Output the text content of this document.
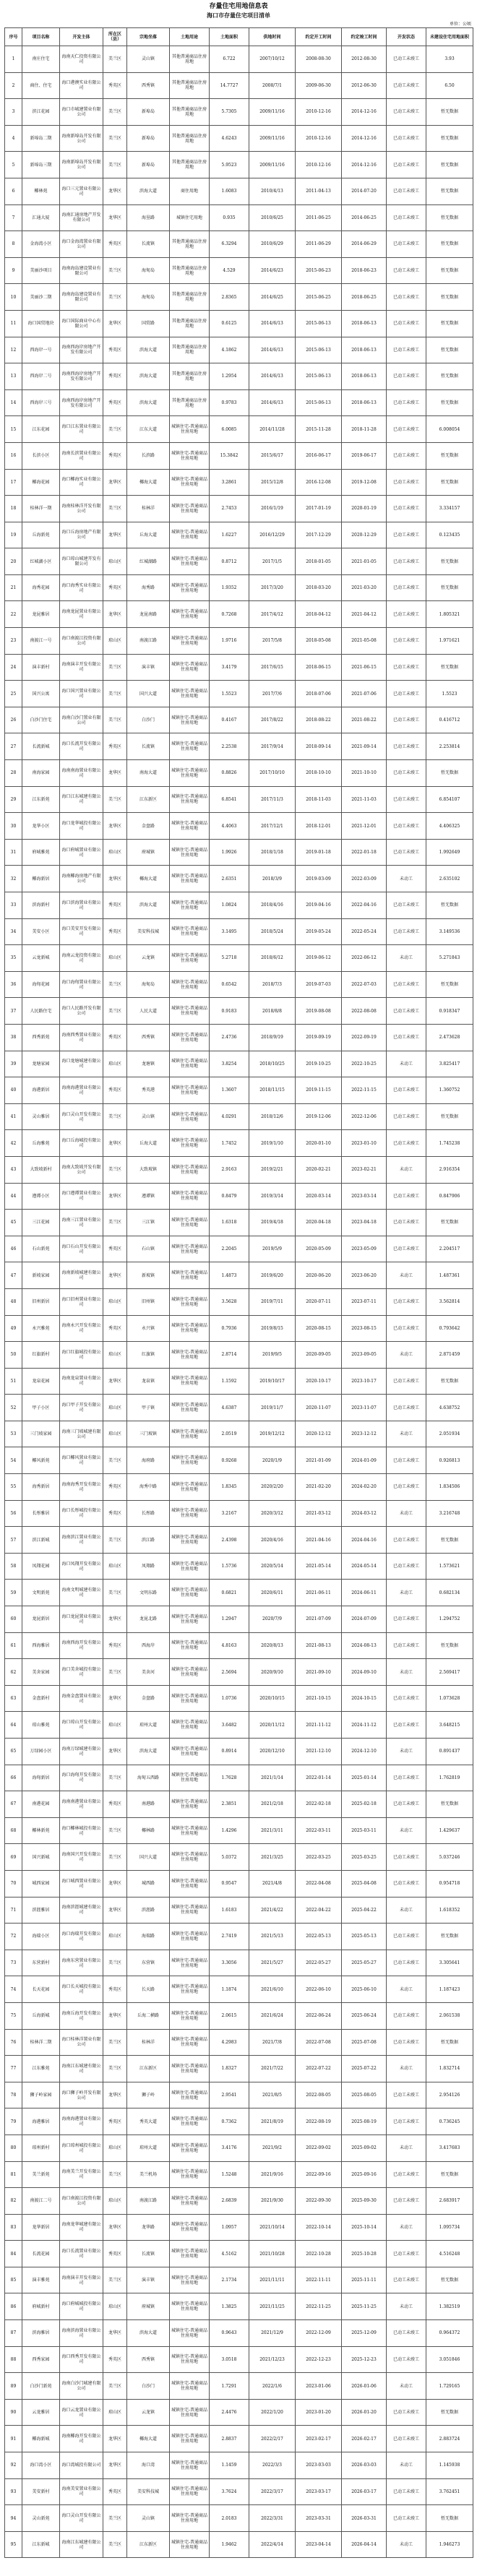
存量住宅用地信息表
海口市存量住宅项目清单
单位：公顷
序号	项目名称	开发主体	所在区（县）	宗地坐落	土地用途	土地面积	供地时间	约定开工时间	约定竣工时间	开发状态	未建设住宅用地面积
1	南庄住宅	海南天仁投资有限公司	美兰区	灵山镇	其他普通商品住房用地	6.722	2007/10/12	2008-08-30	2012-08-30	已动工未竣工	3.93
2	商住、住宅	海口港澳实业有限公司	秀英区	西秀镇	其他普通商品住房用地	14.7727	2008/7/1	2009-06-30	2012-06-30	已动工未竣工	6.50
3	滨江花园	海口市城建置业有限公司	美兰区	新埠岛	其他普通商品住房用地	5.7305	2009/11/16	2010-12-16	2014-12-16	已动工未竣工	暂无数据
4	新埠岛二期	海南新埠岛开发有限公司	美兰区	新埠岛	其他普通商品住房用地	4.6243	2009/11/16	2010-12-16	2014-12-16	已动工未竣工	暂无数据
5	新埠岛三期	海南新埠岛开发有限公司	美兰区	新埠岛	其他普通商品住房用地	5.9523	2009/11/16	2010-12-16	2014-12-16	已动工未竣工	暂无数据
6	椰林苑	海口三元置业有限公司	龙华区	滨海大道	商住用地	1.6083	2010/4/13	2011-04-13	2014-07-20	已动工未竣工	暂无数据
7	汇通大厦	海南汇通房地产开发有限公司	龙华区	海垦路	城镇住宅用地	0.935	2010/6/25	2011-06-25	2014-06-25	已动工未竣工	暂无数据
8	金海湾小区	海口金海湾置业有限公司	秀英区	长流镇	其他普通商品住房用地	6.3294	2010/6/29	2011-06-29	2014-06-29	已动工未竣工	暂无数据
9	美丽沙项目	海南海岛建设置业有限公司	美兰区	海甸岛	其他普通商品住房用地	4.529	2014/6/23	2015-06-23	2018-06-23	已动工未竣工	暂无数据
10	美丽沙二期	海南海岛建设置业有限公司	美兰区	海甸岛	其他普通商品住房用地	2.8365	2014/6/25	2015-06-25	2018-06-25	已动工未竣工	暂无数据
11	海口国贸地块	海口国际商业中心有限公司	龙华区	国贸路	其他普通商品住房用地	0.6125	2014/6/13	2015-06-13	2018-06-13	已动工未竣工	暂无数据
12	西海岸一号	海南西海岸房地产开发有限公司	秀英区	滨海大道	其他普通商品住房用地	4.1862	2014/6/13	2015-06-13	2018-06-13	已动工未竣工	暂无数据
13	西海岸二号	海南西海岸房地产开发有限公司	秀英区	滨海大道	其他普通商品住房用地	1.2954	2014/6/13	2015-06-13	2018-06-13	已动工未竣工	暂无数据
14	西海岸三号	海南西海岸房地产开发有限公司	秀英区	滨海大道	其他普通商品住房用地	0.9783	2014/6/13	2015-06-13	2018-06-13	已动工未竣工	暂无数据
15	江东花园	海口江东置业有限公司	美兰区	江东大道	城镇住宅-普通商品住房用地	6.0085	2014/11/28	2015-11-28	2018-11-28	已动工未竣工	6.008054
16	长滨小区	海南长滨置业有限公司	秀英区	长滨路	城镇住宅-普通商品住房用地	15.3842	2015/6/17	2016-06-17	2019-06-17	已动工未竣工	暂无数据
17	椰海花园	海口椰海实业有限公司	龙华区	椰海大道	城镇住宅-普通商品住房用地	3.2861	2015/12/8	2016-12-08	2019-12-08	已动工未竣工	暂无数据
18	桂林洋一期	海南桂林洋开发有限公司	美兰区	桂林洋	城镇住宅-普通商品住房用地	2.7453	2016/1/19	2017-01-19	2020-01-19	已动工未竣工	3.334157
19	丘海新苑	海口丘海房地产有限公司	龙华区	丘海大道	城镇住宅-普通商品住房用地	1.6227	2016/12/29	2017-12-29	2020-12-29	已动工未竣工	0.123435
20	红城湖小区	海口琼山城建开发有限公司	琼山区	红城湖路	城镇住宅-普通商品住房用地	0.8712	2017/1/5	2018-01-05	2021-01-05	已动工未竣工	暂无数据
21	海秀花园	海口海秀实业有限公司	秀英区	海秀路	城镇住宅-普通商品住房用地	1.9352	2017/3/20	2018-03-20	2021-03-20	已动工未竣工	暂无数据
22	龙昆雅居	海南龙昆置业有限公司	龙华区	龙昆南路	城镇住宅-普通商品住房用地	0.7268	2017/4/12	2018-04-12	2021-04-12	已动工未竣工	1.805321
23	南渡江一号	海口南渡江投资有限公司	琼山区	南渡江路	城镇住宅-普通商品住房用地	1.9716	2017/5/8	2018-05-08	2021-05-08	已动工未竣工	1.971621
24	演丰新村	海南演丰开发有限公司	美兰区	演丰镇	城镇住宅-普通商品住房用地	3.4179	2017/6/15	2018-06-15	2021-06-15	已动工未竣工	暂无数据
25	国兴公寓	海口国兴置业有限公司	美兰区	国兴大道	城镇住宅-普通商品住房用地	1.5523	2017/7/6	2018-07-06	2021-07-06	已动工未竣工	1.5523
26	白沙门住宅	海南白沙门置业有限公司	美兰区	白沙门	城镇住宅-普通商品住房用地	0.4167	2017/8/22	2018-08-22	2021-08-22	已动工未竣工	0.416712
27	长流新城	海口长流开发有限公司	秀英区	长流镇	城镇住宅-普通商品住房用地	2.2538	2017/9/14	2018-09-14	2021-09-14	已动工未竣工	2.253814
28	南海家园	海南南海置业有限公司	龙华区	南海大道	城镇住宅-普通商品住房用地	0.8826	2017/10/10	2018-10-10	2021-10-10	已动工未竣工	暂无数据
29	江东新苑	海口江东城建有限公司	美兰区	江东新区	城镇住宅-普通商品住房用地	6.8541	2017/11/3	2018-11-03	2021-11-03	已动工未竣工	6.854107
30	龙华小区	海口龙华城投有限公司	龙华区	金盘路	城镇住宅-普通商品住房用地	4.4063	2017/12/1	2018-12-01	2021-12-01	已动工未竣工	4.406325
31	府城雅苑	海口府城置业有限公司	琼山区	府城镇	城镇住宅-普通商品住房用地	1.9926	2018/1/18	2019-01-18	2022-01-18	已动工未竣工	1.992649
32	椰海新居	海南椰海房地产有限公司	龙华区	椰海大道	城镇住宅-普通商品住房用地	2.6351	2018/3/9	2019-03-09	2022-03-09	未动工	2.635102
33	滨海新村	海口滨海置业有限公司	秀英区	滨海大道	城镇住宅-普通商品住房用地	1.0824	2018/4/16	2019-04-16	2022-04-16	已动工未竣工	暂无数据
34	美安小区	海口美安开发有限公司	秀英区	美安科技城	城镇住宅-普通商品住房用地	3.1495	2018/5/24	2019-05-24	2022-05-24	已动工未竣工	3.149536
35	云龙新城	海南云龙投资有限公司	琼山区	云龙镇	城镇住宅-普通商品住房用地	5.2718	2018/6/12	2019-06-12	2022-06-12	未动工	5.271843
36	海甸花园	海口海甸置业有限公司	美兰区	海甸岛	城镇住宅-普通商品住房用地	0.6542	2018/7/3	2019-07-03	2022-07-03	已动工未竣工	暂无数据
37	人民路住宅	海口人民路开发有限公司	美兰区	人民大道	城镇住宅-普通商品住房用地	0.9183	2018/8/8	2019-08-08	2022-08-08	已动工未竣工	0.918347
38	西秀新苑	海南西秀置业有限公司	秀英区	西秀镇	城镇住宅-普通商品住房用地	2.4736	2018/9/19	2019-09-19	2022-09-19	已动工未竣工	2.473628
39	龙塘家园	海口龙塘城建有限公司	琼山区	龙塘镇	城镇住宅-普通商品住房用地	3.8254	2018/10/25	2019-10-25	2022-10-25	未动工	3.825417
40	海港新居	海南海港置业有限公司	秀英区	秀英港	城镇住宅-普通商品住房用地	1.3607	2018/11/15	2019-11-15	2022-11-15	已动工未竣工	1.360752
41	灵山雅居	海口灵山开发有限公司	美兰区	灵山镇	城镇住宅-普通商品住房用地	4.0291	2018/12/6	2019-12-06	2022-12-06	已动工未竣工	暂无数据
42	丘海雅苑	海口丘海城投有限公司	龙华区	丘海大道	城镇住宅-普通商品住房用地	1.7452	2019/1/10	2020-01-10	2023-01-10	已动工未竣工	1.745238
43	大致坡新村	海南大致坡开发有限公司	美兰区	大致坡镇	城镇住宅-普通商品住房用地	2.9163	2019/2/21	2020-02-21	2023-02-21	未动工	2.916354
44	遵谭小区	海口遵谭置业有限公司	龙华区	遵谭镇	城镇住宅-普通商品住房用地	0.8479	2019/3/14	2020-03-14	2023-03-14	已动工未竣工	0.847906
45	三江花园	海南三江置业有限公司	美兰区	三江镇	城镇住宅-普通商品住房用地	1.6318	2019/4/18	2020-04-18	2023-04-18	已动工未竣工	暂无数据
46	石山新苑	海口石山开发有限公司	秀英区	石山镇	城镇住宅-普通商品住房用地	2.2045	2019/5/9	2020-05-09	2023-05-09	已动工未竣工	2.204517
47	新坡家园	海南新坡城建有限公司	龙华区	新坡镇	城镇住宅-普通商品住房用地	1.4873	2019/6/20	2020-06-20	2023-06-20	未动工	1.487361
48	旧州新居	海口旧州置业有限公司	琼山区	旧州镇	城镇住宅-普通商品住房用地	3.5628	2019/7/11	2020-07-11	2023-07-11	已动工未竣工	3.562814
49	永兴雅苑	海南永兴开发有限公司	秀英区	永兴镇	城镇住宅-普通商品住房用地	0.7936	2019/8/15	2020-08-15	2023-08-15	已动工未竣工	0.793642
50	红旗新村	海口红旗城投有限公司	琼山区	红旗镇	城镇住宅-普通商品住房用地	2.8714	2019/9/5	2020-09-05	2023-09-05	未动工	2.871459
51	龙泉花园	海南龙泉置业有限公司	龙华区	龙泉镇	城镇住宅-普通商品住房用地	1.1592	2019/10/17	2020-10-17	2023-10-17	已动工未竣工	暂无数据
52	甲子小区	海口甲子开发有限公司	琼山区	甲子镇	城镇住宅-普通商品住房用地	4.6387	2019/11/7	2020-11-07	2023-11-07	已动工未竣工	4.638752
53	三门坡家园	海南三门坡城建有限公司	琼山区	三门坡镇	城镇住宅-普通商品住房用地	2.0519	2019/12/12	2020-12-12	2023-12-12	未动工	2.051934
54	椰风新苑	海口椰风置业有限公司	美兰区	海府路	城镇住宅-普通商品住房用地	0.9268	2020/1/9	2021-01-09	2024-01-09	已动工未竣工	0.926813
55	海秀新居	海南海秀开发有限公司	秀英区	海秀中路	城镇住宅-普通商品住房用地	1.8345	2020/2/20	2021-02-20	2024-02-20	已动工未竣工	1.834506
56	长彤雅居	海口长彤城投有限公司	秀英区	长彤路	城镇住宅-普通商品住房用地	3.2167	2020/3/12	2021-03-12	2024-03-12	未动工	3.216748
57	滨江新城	海南滨江置业有限公司	美兰区	滨江路	城镇住宅-普通商品住房用地	2.4398	2020/4/16	2021-04-16	2024-04-16	已动工未竣工	暂无数据
58	凤翔花园	海口凤翔开发有限公司	琼山区	凤翔路	城镇住宅-普通商品住房用地	1.5736	2020/5/14	2021-05-14	2024-05-14	已动工未竣工	1.573621
59	文明新苑	海南文明城建有限公司	美兰区	文明东路	城镇住宅-普通商品住房用地	0.6821	2020/6/11	2021-06-11	2024-06-11	未动工	0.682134
60	龙昆新居	海口龙昆置业有限公司	龙华区	龙昆北路	城镇住宅-普通商品住房用地	1.2947	2020/7/9	2021-07-09	2024-07-09	已动工未竣工	1.294752
61	西海雅居	海南西海开发有限公司	秀英区	西海岸	城镇住宅-普通商品住房用地	4.8163	2020/8/13	2021-08-13	2024-08-13	已动工未竣工	暂无数据
62	美舍家园	海口美舍城投有限公司	美兰区	美舍河	城镇住宅-普通商品住房用地	2.5694	2020/9/10	2021-09-10	2024-09-10	未动工	2.569417
63	金盘新村	海南金盘置业有限公司	龙华区	金盘路	城镇住宅-普通商品住房用地	1.0736	2020/10/15	2021-10-15	2024-10-15	已动工未竣工	1.073628
64	琼山雅苑	海口琼山开发有限公司	琼山区	琼州大道	城镇住宅-普通商品住房用地	3.6482	2020/11/12	2021-11-12	2024-11-12	已动工未竣工	3.648215
65	万绿园小区	海南万绿城建有限公司	龙华区	滨海大道	城镇住宅-普通商品住房用地	0.8914	2020/12/10	2021-12-10	2024-12-10	未动工	0.891437
66	海甸新居	海口海甸开发有限公司	美兰区	海甸五西路	城镇住宅-普通商品住房用地	1.7628	2021/1/14	2022-01-14	2025-01-14	已动工未竣工	1.762819
67	南港花园	海南南港置业有限公司	秀英区	南港路	城镇住宅-普通商品住房用地	2.3851	2021/2/18	2022-02-18	2025-02-18	已动工未竣工	暂无数据
68	椰林新苑	海口椰林城投有限公司	美兰区	椰林路	城镇住宅-普通商品住房用地	1.4296	2021/3/11	2022-03-11	2025-03-11	未动工	1.429637
69	国兴新城	海南国兴开发有限公司	美兰区	国兴大道	城镇住宅-普通商品住房用地	5.0372	2021/3/25	2022-03-25	2025-03-25	已动工未竣工	5.037246
70	城西家园	海口城西置业有限公司	龙华区	城西路	城镇住宅-普通商品住房用地	0.9547	2021/4/8	2022-04-08	2025-04-08	已动工未竣工	0.954718
71	滨涯雅居	海南滨涯城建有限公司	龙华区	滨涯路	城镇住宅-普通商品住房用地	1.6183	2021/4/22	2022-04-22	2025-04-22	未动工	1.618352
72	海瑞小区	海口海瑞开发有限公司	琼山区	海瑞路	城镇住宅-普通商品住房用地	2.7419	2021/5/13	2022-05-13	2025-05-13	已动工未竣工	暂无数据
73	东营新村	海南东营置业有限公司	美兰区	东营镇	城镇住宅-普通商品住房用地	3.3056	2021/5/27	2022-05-27	2025-05-27	已动工未竣工	3.305641
74	长天花园	海口长天城投有限公司	秀英区	长天路	城镇住宅-普通商品住房用地	1.1874	2021/6/10	2022-06-10	2025-06-10	未动工	1.187423
75	丘海新城	海南丘海开发有限公司	龙华区	丘海二横路	城镇住宅-普通商品住房用地	2.0615	2021/6/24	2022-06-24	2025-06-24	已动工未竣工	2.061538
76	桂林洋二期	海口桂林洋置业有限公司	美兰区	桂林洋	城镇住宅-普通商品住房用地	4.2983	2021/7/8	2022-07-08	2025-07-08	已动工未竣工	暂无数据
77	江东雅苑	海南江东城建有限公司	美兰区	江东新区	城镇住宅-普通商品住房用地	1.8327	2021/7/22	2022-07-22	2025-07-22	未动工	1.832714
78	狮子岭家园	海口狮子岭开发有限公司	龙华区	狮子岭	城镇住宅-普通商品住房用地	2.9541	2021/8/5	2022-08-05	2025-08-05	已动工未竣工	2.954126
79	海港雅居	海南海港置业有限公司	秀英区	秀英大道	城镇住宅-普通商品住房用地	0.7362	2021/8/19	2022-08-19	2025-08-19	已动工未竣工	0.736245
80	琼州新村	海口琼州城投有限公司	琼山区	琼州大道	城镇住宅-普通商品住房用地	3.4176	2021/9/2	2022-09-02	2025-09-02	未动工	3.417683
81	美兰新苑	海南美兰开发有限公司	美兰区	美兰机场	城镇住宅-普通商品住房用地	1.5248	2021/9/16	2022-09-16	2025-09-16	已动工未竣工	暂无数据
82	南渡江二号	海口南渡江投资有限公司	琼山区	南渡江路	城镇住宅-普通商品住房用地	2.6839	2021/9/30	2022-09-30	2025-09-30	已动工未竣工	2.683917
83	龙华新居	海南龙华城建有限公司	龙华区	龙华路	城镇住宅-普通商品住房用地	1.0957	2021/10/14	2022-10-14	2025-10-14	未动工	1.095734
84	长流花园	海口长流置业有限公司	秀英区	长流镇	城镇住宅-普通商品住房用地	4.5162	2021/10/28	2022-10-28	2025-10-28	已动工未竣工	4.516248
85	演丰雅苑	海南演丰开发有限公司	美兰区	演丰镇	城镇住宅-普通商品住房用地	2.1734	2021/11/11	2022-11-11	2025-11-11	已动工未竣工	暂无数据
86	府城新村	海口府城城投有限公司	琼山区	府城镇	城镇住宅-普通商品住房用地	1.3825	2021/11/25	2022-11-25	2025-11-25	未动工	1.382519
87	滨海雅居	海南滨海置业有限公司	龙华区	滨海大道	城镇住宅-普通商品住房用地	0.9643	2021/12/9	2022-12-09	2025-12-09	已动工未竣工	0.964372
88	西秀家园	海口西秀开发有限公司	秀英区	西秀镇	城镇住宅-普通商品住房用地	3.0518	2021/12/23	2022-12-23	2025-12-23	已动工未竣工	3.051846
89	白沙门新苑	海南白沙门城建有限公司	美兰区	白沙门	城镇住宅-普通商品住房用地	1.7291	2022/1/6	2023-01-06	2026-01-06	未动工	1.729165
90	云龙雅居	海口云龙置业有限公司	琼山区	云龙镇	城镇住宅-普通商品住房用地	2.4476	2022/1/20	2023-01-20	2026-01-20	已动工未竣工	暂无数据
91	椰海新城	海南椰海开发有限公司	龙华区	椰海大道	城镇住宅-普通商品住房用地	2.8837	2022/2/17	2023-02-17	2026-02-17	已动工未竣工	2.883724
92	海口湾小区	海口湾城投有限公司	龙华区	海口湾	城镇住宅-普通商品住房用地	1.1459	2022/3/3	2023-03-03	2026-03-03	未动工	1.145938
93	美安新村	海南美安置业有限公司	秀英区	美安科技城	城镇住宅-普通商品住房用地	3.7624	2022/3/17	2023-03-17	2026-03-17	已动工未竣工	3.762451
94	灵山新苑	海口灵山开发有限公司	美兰区	灵山镇	城镇住宅-普通商品住房用地	2.0183	2022/3/31	2023-03-31	2026-03-31	已动工未竣工	暂无数据
95	江东新城	海南江东城建有限公司	美兰区	江东新区	城镇住宅-普通商品住房用地	1.9462	2022/4/14	2023-04-14	2026-04-14	未动工	1.946273
